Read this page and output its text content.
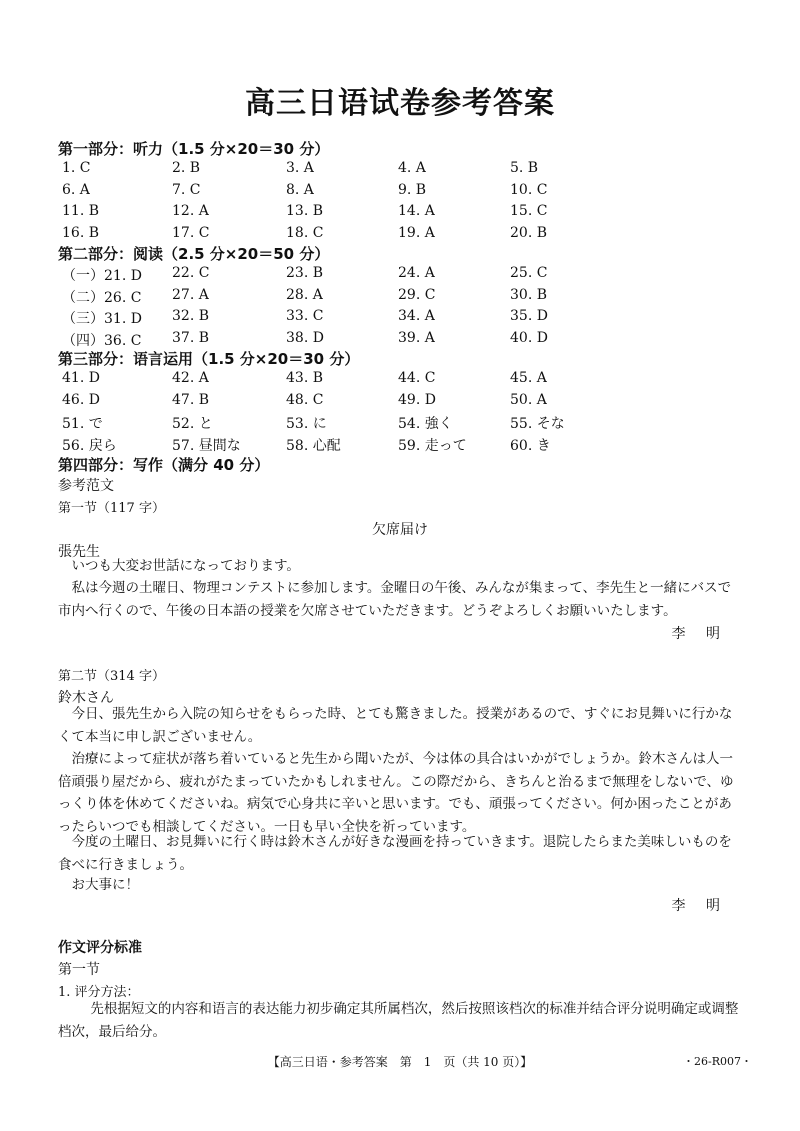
高三日语试卷参考答案
第一部分：听力（1.5 分×20＝30 分）
1. C	2. B	3. A	4. A	5. B
6. A	7. C	8. A	9. B	10. C
11. B	12. A	13. B	14. A	15. C
16. B	17. C	18. C	19. A	20. B
第二部分：阅读（2.5 分×20＝50 分）
（一）21. D 22. C	23. B	24. A	25. C
（二）26. C 27. A	28. A	29. C	30. B
（三）31. D 32. B	33. C	34. A	35. D
（四）36. C 37. B	38. D	39. A	40. D
第三部分：语言运用（1.5 分×20＝30 分）
41. D	42. A	43. B	44. C	45. A
46. D	47. B	48. C	49. D	50. A
51. で	52. と	53. に	54. 強く	55. そな
56. 戻ら	57. 昼間な	58. 心配	59. 走って	60. き
第四部分：写作（满分 40 分）
参考范文
第一节（117 字）
欠席届け
張先生

いつも大変お世話になっております。

私は今週の土曜日、物理コンテストに参加します。金曜日の午後、みんなが集まって、李先生と一緒にバスで市内へ行くので、午後の日本語の授業を欠席させていただきます。どうぞよろしくお願いいたします。

李 明
第二节（314 字）
鈴木さん

今日、張先生から入院の知らせをもらった時、とても驚きました。授業があるので、すぐにお見舞いに行かなくて本当に申し訳ございません。

治療によって症状が落ち着いていると先生から聞いたが、今は体の具合はいかがでしょうか。鈴木さんは人一倍頑張り屋だから、疲れがたまっていたかもしれません。この際だから、きちんと治るまで無理をしないで、ゆっくり体を休めてくださいね。病気で心身共に辛いと思います。でも、頑張ってください。何か困ったことがあったらいつでも相談してください。一日も早い全快を祈っています。

今度の土曜日、お見舞いに行く時は鈴木さんが好きな漫画を持っていきます。退院したらまた美味しいものを食べに行きましょう。

お大事に！

李 明
作文评分标准
第一节
1. 评分方法：

先根据短文的内容和语言的表达能力初步确定其所属档次，然后按照该档次的标准并结合评分说明确定或调整档次，最后给分。

【高三日语・参考答案　第　1　页（共 10 页）】	・26-R007・
